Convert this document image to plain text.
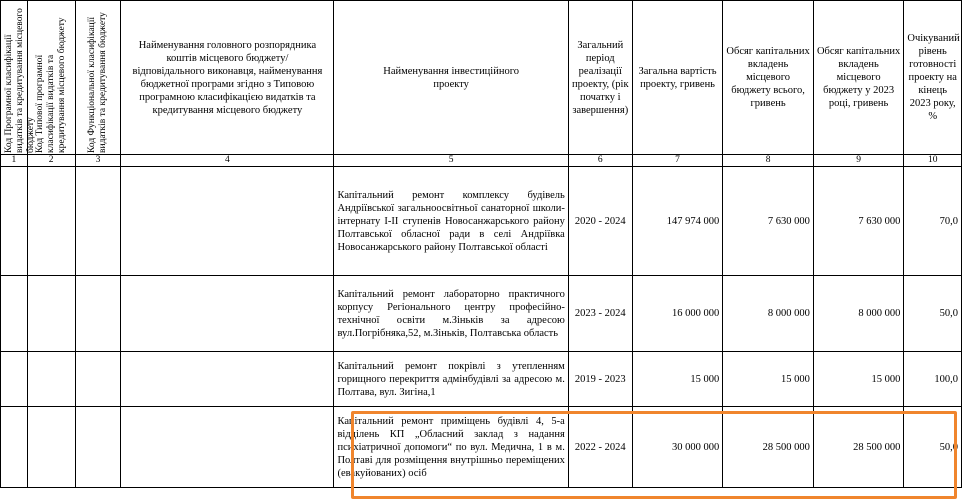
Код Програмної класифікації видатків та кредитування місцевого бюджету	Код Типової програмної класифікації видатків та кредитування місцевого бюджету	Код Функціональної класифікації видатків та кредитування бюджету	Найменування головного розпорядника коштів місцевого бюджету/ відповідального виконавця, найменування бюджетної програми згідно з Типовою програмною класифікацією видатків та кредитування місцевого бюджету	Найменування інвестиційного проекту	Загальний період реалізації проекту, (рік початку і завершення)	Загальна вартість проекту, гривень	Обсяг капітальних вкладень місцевого бюджету всього, гривень	Обсяг капітальних вкладень місцевого бюджету у 2023 році, гривень	Очікуваний рівень готовності проекту на кінець 2023 року, %
1	2	3	4	5	6	7	8	9	10
				Капітальний ремонт комплексу будівель Андріївської загальноосвітньої санаторної школи-інтернату I-II ступенів Новосанжарського району Полтавської обласної ради в селі Андріївка Новосанжарського району Полтавської області	2020 - 2024	147 974 000	7 630 000	7 630 000	70,0
				Капітальний ремонт лабораторно практичного корпусу Регіонального центру професійно-технічної освіти м.Зіньків за адресою вул.Погрібняка,52, м.Зіньків, Полтавська область	2023 - 2024	16 000 000	8 000 000	8 000 000	50,0
				Капітальний ремонт покрівлі з утепленням горищного перекриття адмінбудівлі за адресою м. Полтава, вул. Зигіна,1	2019 - 2023	15 000	15 000	15 000	100,0
				Капітальний ремонт приміщень будівлі 4, 5-а відділень КП „Обласний заклад з надання психіатричної допомоги“ по вул. Медична, 1 в м. Полтаві для розміщення внутрішньо переміщених (евакуйованих) осіб	2022 - 2024	30 000 000	28 500 000	28 500 000	50,0
